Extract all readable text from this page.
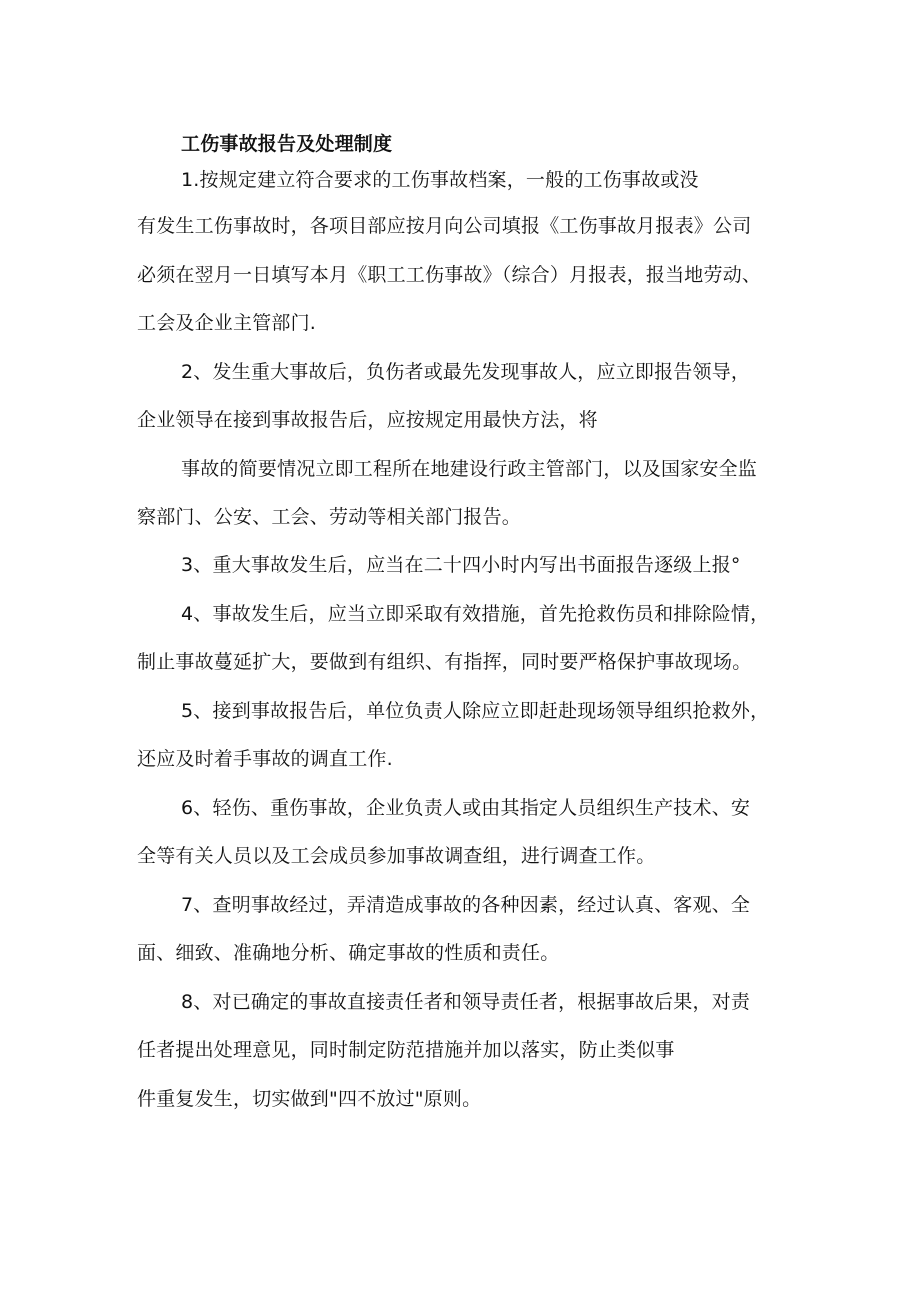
工伤事故报告及处理制度
1.按规定建立符合要求的工伤事故档案，一般的工伤事故或没
有发生工伤事故时，各项目部应按月向公司填报《工伤事故月报表》公司
必须在翌月一日填写本月《职工工伤事故》（综合）月报表，报当地劳动、
工会及企业主管部门.
2、发生重大事故后，负伤者或最先发现事故人，应立即报告领导，
企业领导在接到事故报告后，应按规定用最快方法，将
事故的简要情况立即工程所在地建设行政主管部门，以及国家安全监
察部门、公安、工会、劳动等相关部门报告。
3、重大事故发生后，应当在二十四小时内写出书面报告逐级上报°
4、事故发生后，应当立即采取有效措施，首先抢救伤员和排除险情，
制止事故蔓延扩大，要做到有组织、有指挥，同时要严格保护事故现场。
5、接到事故报告后，单位负责人除应立即赶赴现场领导组织抢救外，
还应及时着手事故的调直工作.
6、轻伤、重伤事故，企业负责人或由其指定人员组织生产技术、安
全等有关人员以及工会成员参加事故调查组，进行调查工作。
7、查明事故经过，弄清造成事故的各种因素，经过认真、客观、全
面、细致、准确地分析、确定事故的性质和责任。
8、对已确定的事故直接责任者和领导责任者，根据事故后果，对责
任者提出处理意见，同时制定防范措施并加以落实，防止类似事
件重复发生，切实做到"四不放过"原则。
